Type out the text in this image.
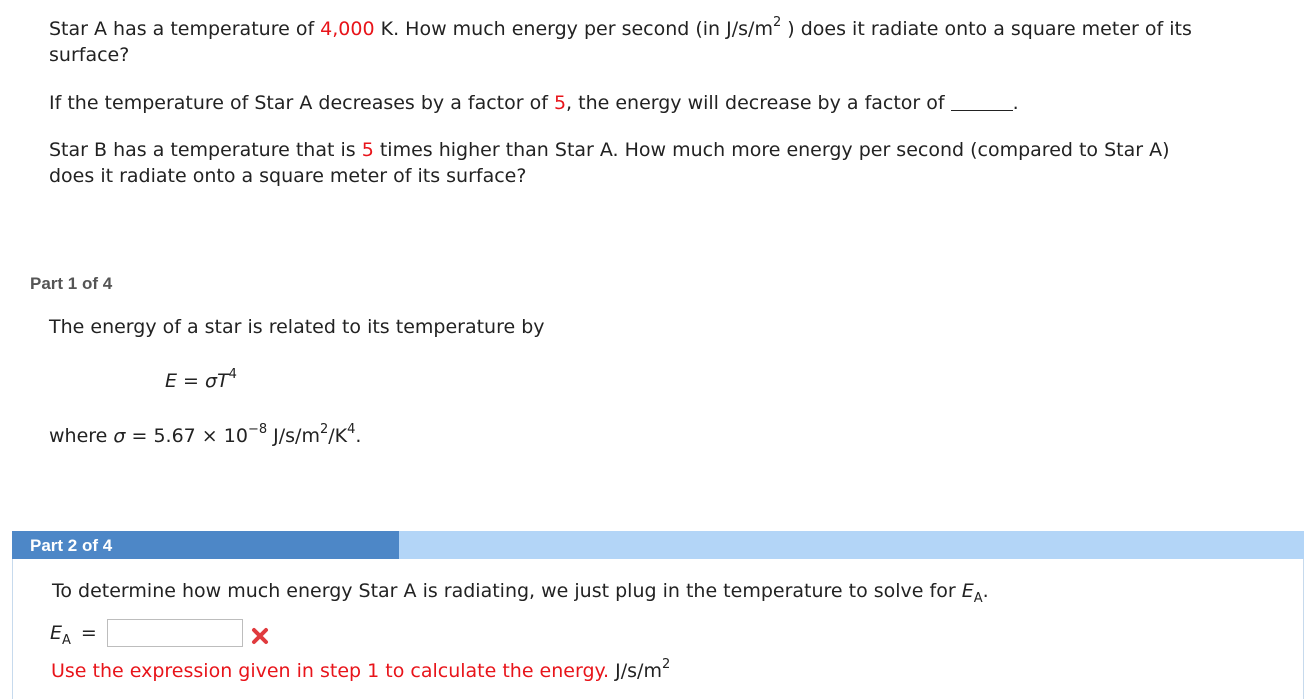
Star A has a temperature of 4,000 K. How much energy per second (in $J/s/m^2$ ) does it radiate onto a square meter of its
surface?
If the temperature of Star A decreases by a factor of 5, the energy will decrease by a factor of	.
Star B has a temperature that is 5 times higher than Star A. How much more energy per second (compared to Star A)
does it radiate onto a square meter of its surface?
Part 1 of 4
The energy of a star is related to its temperature by
$E = \sigma T^4$
where $\sigma = 5.67 \times 10^{-8}$ $J/s/m^2/K^4$.
Part 2 of 4
To determine how much energy Star A is radiating, we just plug in the temperature to solve for $E_A$.
$E_A$ =
Use the expression given in step 1 to calculate the energy. $J/s/m^2$
